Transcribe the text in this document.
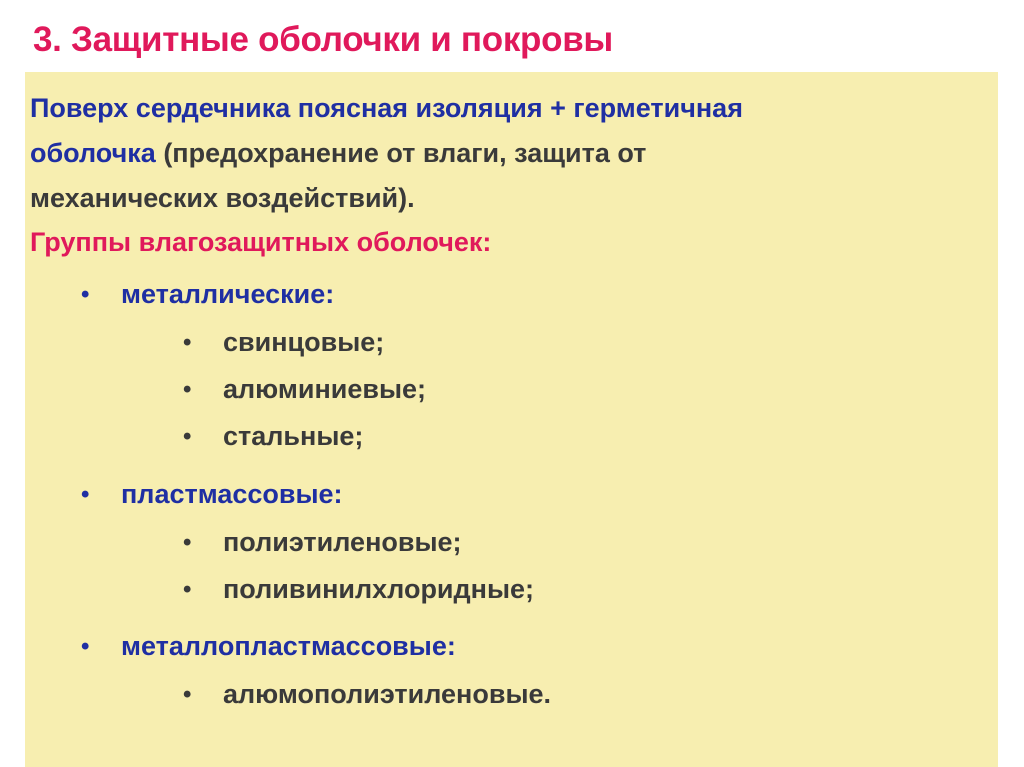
3. Защитные оболочки и покровы
Поверх сердечника поясная изоляция + герметичная
оболочка (предохранение от влаги, защита от
механических воздействий).
Группы влагозащитных оболочек:
• металлические:
• свинцовые;
• алюминиевые;
• стальные;
• пластмассовые:
• полиэтиленовые;
• поливинилхлоридные;
• металлопластмассовые:
• алюмополиэтиленовые.
